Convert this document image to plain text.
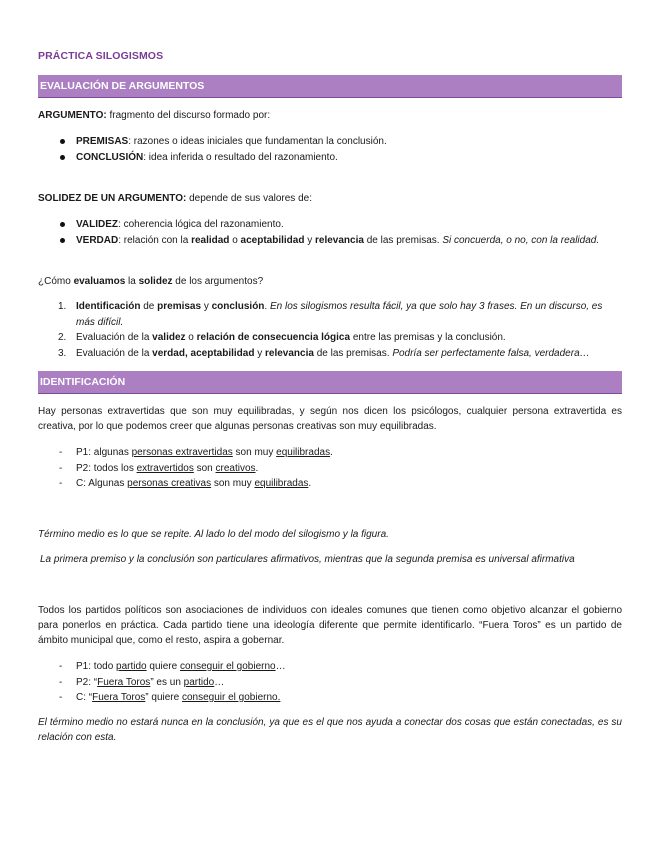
PRÁCTICA SILOGISMOS
EVALUACIÓN DE ARGUMENTOS
ARGUMENTO: fragmento del discurso formado por:
PREMISAS: razones o ideas iniciales que fundamentan la conclusión.
CONCLUSIÓN: idea inferida o resultado del razonamiento.
SOLIDEZ DE UN ARGUMENTO: depende de sus valores de:
VALIDEZ: coherencia lógica del razonamiento.
VERDAD: relación con la realidad o aceptabilidad y relevancia de las premisas. Si concuerda, o no, con la realidad.
¿Cómo evaluamos la solidez de los argumentos?
1. Identificación de premisas y conclusión. En los silogismos resulta fácil, ya que solo hay 3 frases. En un discurso, es más difícil.
2. Evaluación de la validez o relación de consecuencia lógica entre las premisas y la conclusión.
3. Evaluación de la verdad, aceptabilidad y relevancia de las premisas. Podría ser perfectamente falsa, verdadera…
IDENTIFICACIÓN
Hay personas extravertidas que son muy equilibradas, y según nos dicen los psicólogos, cualquier persona extravertida es creativa, por lo que podemos creer que algunas personas creativas son muy equilibradas.
- P1: algunas personas extravertidas son muy equilibradas.
- P2: todos los extravertidos son creativos.
- C: Algunas personas creativas son muy equilibradas.
Término medio es lo que se repite. Al lado lo del modo del silogismo y la figura.
La primera premiso y la conclusión son particulares afirmativos, mientras que la segunda premisa es universal afirmativa
Todos los partidos políticos son asociaciones de individuos con ideales comunes que tienen como objetivo alcanzar el gobierno para ponerlos en práctica. Cada partido tiene una ideología diferente que permite identificarlo. “Fuera Toros” es un partido de ámbito municipal que, como el resto, aspira a gobernar.
- P1: todo partido quiere conseguir el gobierno…
- P2: “Fuera Toros” es un partido…
- C: “Fuera Toros” quiere conseguir el gobierno.
El término medio no estará nunca en la conclusión, ya que es el que nos ayuda a conectar dos cosas que están conectadas, es su relación con esta.
